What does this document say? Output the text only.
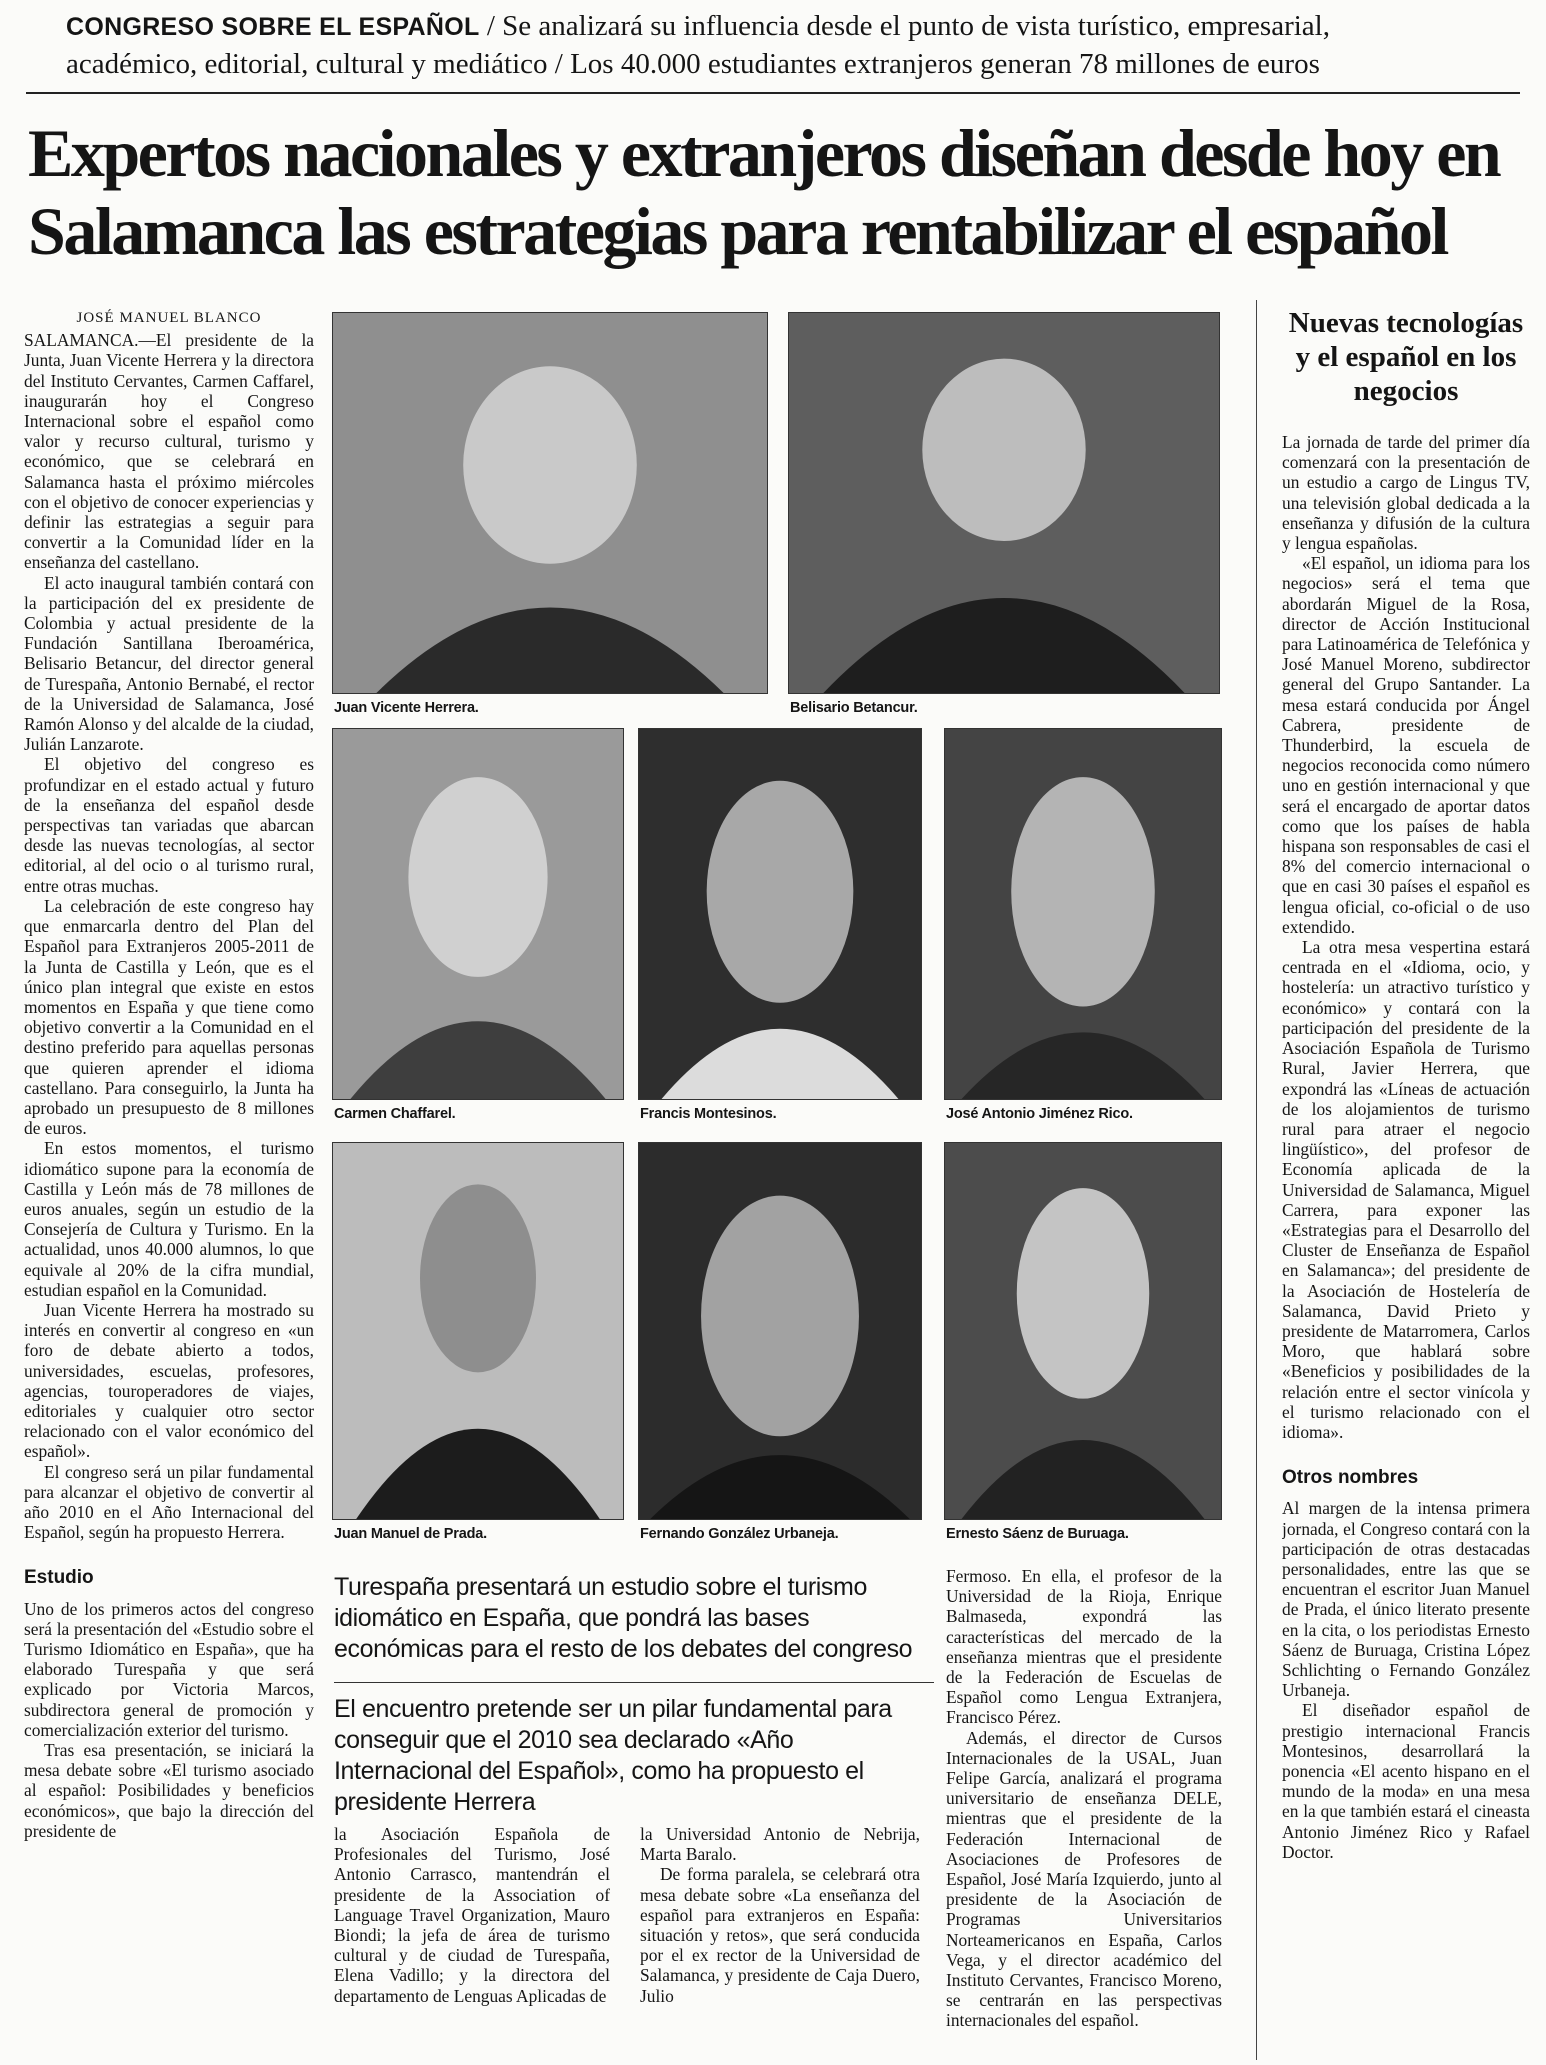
CONGRESO SOBRE EL ESPAÑOL / Se analizará su influencia desde el punto de vista turístico, empresarial,
académico, editorial, cultural y mediático / Los 40.000 estudiantes extranjeros generan 78 millones de euros
Expertos nacionales y extranjeros diseñan desde hoy en
Salamanca las estrategias para rentabilizar el español
JOSÉ MANUEL BLANCO

SALAMANCA.—El presidente de la Junta, Juan Vicente Herrera y la directora del Instituto Cervantes, Carmen Caffarel, inaugurarán hoy el Congreso Internacional sobre el español como valor y recurso cultural, turismo y económico, que se celebrará en Salamanca hasta el próximo miércoles con el objetivo de conocer experiencias y definir las estrategias a seguir para convertir a la Comunidad líder en la enseñanza del castellano.

El acto inaugural también contará con la participación del ex presidente de Colombia y actual presidente de la Fundación Santillana Iberoamérica, Belisario Betancur, del director general de Turespaña, Antonio Bernabé, el rector de la Universidad de Salamanca, José Ramón Alonso y del alcalde de la ciudad, Julián Lanzarote.

El objetivo del congreso es profundizar en el estado actual y futuro de la enseñanza del español desde perspectivas tan variadas que abarcan desde las nuevas tecnologías, al sector editorial, al del ocio o al turismo rural, entre otras muchas.

La celebración de este congreso hay que enmarcarla dentro del Plan del Español para Extranjeros 2005-2011 de la Junta de Castilla y León, que es el único plan integral que existe en estos momentos en España y que tiene como objetivo convertir a la Comunidad en el destino preferido para aquellas personas que quieren aprender el idioma castellano. Para conseguirlo, la Junta ha aprobado un presupuesto de 8 millones de euros.

En estos momentos, el turismo idiomático supone para la economía de Castilla y León más de 78 millones de euros anuales, según un estudio de la Consejería de Cultura y Turismo. En la actualidad, unos 40.000 alumnos, lo que equivale al 20% de la cifra mundial, estudian español en la Comunidad.

Juan Vicente Herrera ha mostrado su interés en convertir al congreso en «un foro de debate abierto a todos, universidades, escuelas, profesores, agencias, touroperadores de viajes, editoriales y cualquier otro sector relacionado con el valor económico del español».

El congreso será un pilar fundamental para alcanzar el objetivo de convertir al año 2010 en el Año Internacional del Español, según ha propuesto Herrera.

Estudio

Uno de los primeros actos del congreso será la presentación del «Estudio sobre el Turismo Idiomático en España», que ha elaborado Turespaña y que será explicado por Victoria Marcos, subdirectora general de promoción y comercialización exterior del turismo.

Tras esa presentación, se iniciará la mesa debate sobre «El turismo asociado al español: Posibilidades y beneficios económicos», que bajo la dirección del presidente de

Juan Vicente Herrera.	Belisario Betancur.
Carmen Chaffarel.	Francis Montesinos.	José Antonio Jiménez Rico.
Juan Manuel de Prada.	Fernando González Urbaneja.	Ernesto Sáenz de Buruaga.
Turespaña presentará un estudio sobre el turismo idiomático en España, que pondrá las bases económicas para el resto de los debates del congreso
El encuentro pretende ser un pilar fundamental para conseguir que el 2010 sea declarado «Año Internacional del Español», como ha propuesto el presidente Herrera

la Asociación Española de Profesionales del Turismo, José Antonio Carrasco, mantendrán el presidente de la Association of Language Travel Organization, Mauro Biondi; la jefa de área de turismo cultural y de ciudad de Turespaña, Elena Vadillo; y la directora del departamento de Lenguas Aplicadas de

la Universidad Antonio de Nebrija, Marta Baralo.

De forma paralela, se celebrará otra mesa debate sobre «La enseñanza del español para extranjeros en España: situación y retos», que será conducida por el ex rector de la Universidad de Salamanca, y presidente de Caja Duero, Julio

Fermoso. En ella, el profesor de la Universidad de la Rioja, Enrique Balmaseda, expondrá las características del mercado de la enseñanza mientras que el presidente de la Federación de Escuelas de Español como Lengua Extranjera, Francisco Pérez.

Además, el director de Cursos Internacionales de la USAL, Juan Felipe García, analizará el programa universitario de enseñanza DELE, mientras que el presidente de la Federación Internacional de Asociaciones de Profesores de Español, José María Izquierdo, junto al presidente de la Asociación de Programas Universitarios Norteamericanos en España, Carlos Vega, y el director académico del Instituto Cervantes, Francisco Moreno, se centrarán en las perspectivas internacionales del español.

Nuevas tecnologías y el español en los negocios

La jornada de tarde del primer día comenzará con la presentación de un estudio a cargo de Lingus TV, una televisión global dedicada a la enseñanza y difusión de la cultura y lengua españolas.

«El español, un idioma para los negocios» será el tema que abordarán Miguel de la Rosa, director de Acción Institucional para Latinoamérica de Telefónica y José Manuel Moreno, subdirector general del Grupo Santander. La mesa estará conducida por Ángel Cabrera, presidente de Thunderbird, la escuela de negocios reconocida como número uno en gestión internacional y que será el encargado de aportar datos como que los países de habla hispana son responsables de casi el 8% del comercio internacional o que en casi 30 países el español es lengua oficial, co-oficial o de uso extendido.

La otra mesa vespertina estará centrada en el «Idioma, ocio, y hostelería: un atractivo turístico y económico» y contará con la participación del presidente de la Asociación Española de Turismo Rural, Javier Herrera, que expondrá las «Líneas de actuación de los alojamientos de turismo rural para atraer el negocio lingüístico», del profesor de Economía aplicada de la Universidad de Salamanca, Miguel Carrera, para exponer las «Estrategias para el Desarrollo del Cluster de Enseñanza de Español en Salamanca»; del presidente de la Asociación de Hostelería de Salamanca, David Prieto y presidente de Matarromera, Carlos Moro, que hablará sobre «Beneficios y posibilidades de la relación entre el sector vinícola y el turismo relacionado con el idioma».

Otros nombres

Al margen de la intensa primera jornada, el Congreso contará con la participación de otras destacadas personalidades, entre las que se encuentran el escritor Juan Manuel de Prada, el único literato presente en la cita, o los periodistas Ernesto Sáenz de Buruaga, Cristina López Schlichting o Fernando González Urbaneja.

El diseñador español de prestigio internacional Francis Montesinos, desarrollará la ponencia «El acento hispano en el mundo de la moda» en una mesa en la que también estará el cineasta Antonio Jiménez Rico y Rafael Doctor.
